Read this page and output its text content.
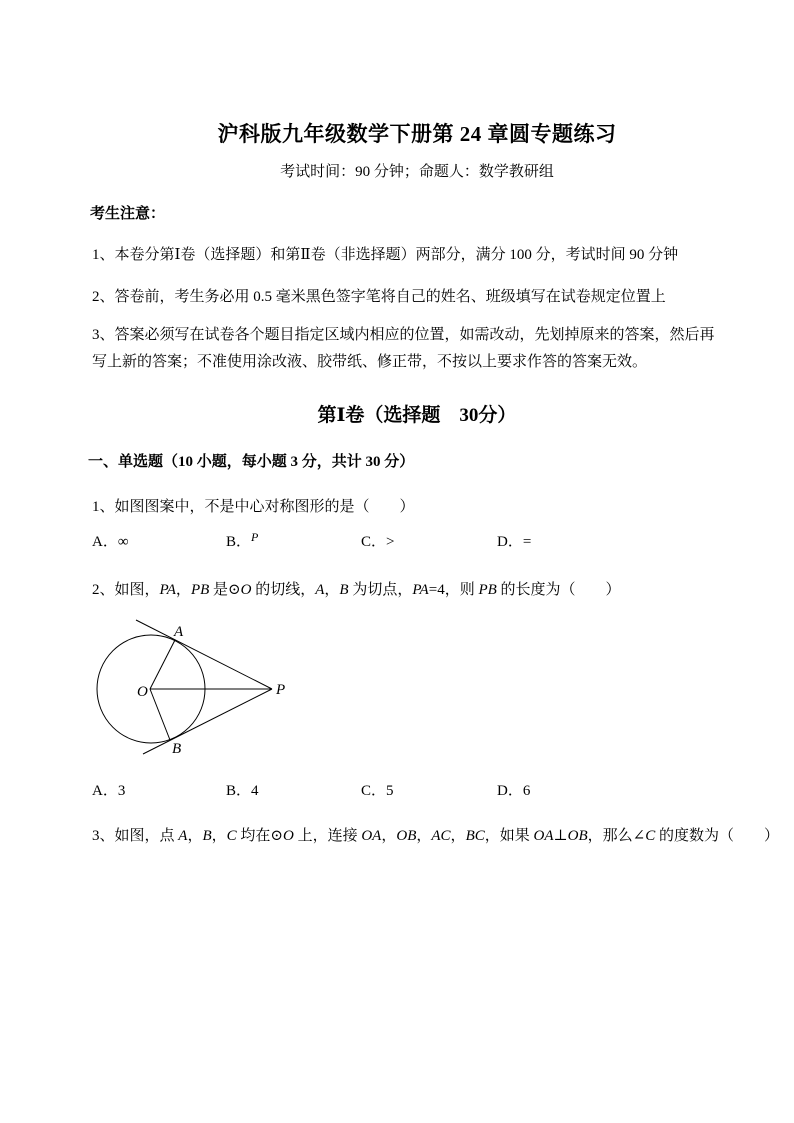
沪科版九年级数学下册第 24 章圆专题练习
考试时间：90 分钟；命题人：数学教研组
考生注意：
1、本卷分第Ⅰ卷（选择题）和第Ⅱ卷（非选择题）两部分，满分 100 分，考试时间 90 分钟
2、答卷前，考生务必用 0.5 毫米黑色签字笔将自己的姓名、班级填写在试卷规定位置上
3、答案必须写在试卷各个题目指定区域内相应的位置，如需改动，先划掉原来的答案，然后再写上新的答案；不准使用涂改液、胶带纸、修正带，不按以上要求作答的答案无效。
第Ⅰ卷（选择题　30分）
一、单选题（10 小题，每小题 3 分，共计 30 分）
1、如图图案中，不是中心对称图形的是（　　）
A．∞	B．$^P$	C．>	D．=
2、如图，PA，PB 是⊙O 的切线，A，B 为切点，PA=4，则 PB 的长度为（　　）
O
A
B
P
A．3	B．4	C．5	D．6
3、如图，点 A，B，C 均在⊙O 上，连接 OA，OB，AC，BC，如果 OA⊥OB，那么∠C 的度数为（　　）
